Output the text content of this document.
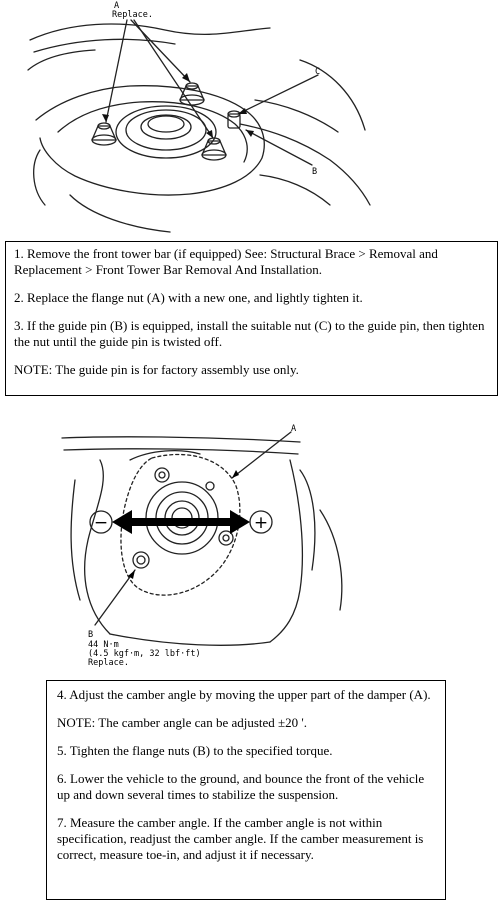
A
Replace.
C
B

1. Remove the front tower bar (if equipped) See: Structural Brace > Removal and Replacement > Front Tower Bar Removal And Installation.

2. Replace the flange nut (A) with a new one, and lightly tighten it.

3. If the guide pin (B) is equipped, install the suitable nut (C) to the guide pin, then tighten the nut until the guide pin is twisted off.

NOTE: The guide pin is for factory assembly use only.

−	+
A
B
44 N·m
(4.5 kgf·m, 32 lbf·ft)
Replace.

4. Adjust the camber angle by moving the upper part of the damper (A).

NOTE: The camber angle can be adjusted ±20 '.

5. Tighten the flange nuts (B) to the specified torque.

6. Lower the vehicle to the ground, and bounce the front of the vehicle up and down several times to stabilize the suspension.

7. Measure the camber angle. If the camber angle is not within specification, readjust the camber angle. If the camber measurement is correct, measure toe-in, and adjust it if necessary.
